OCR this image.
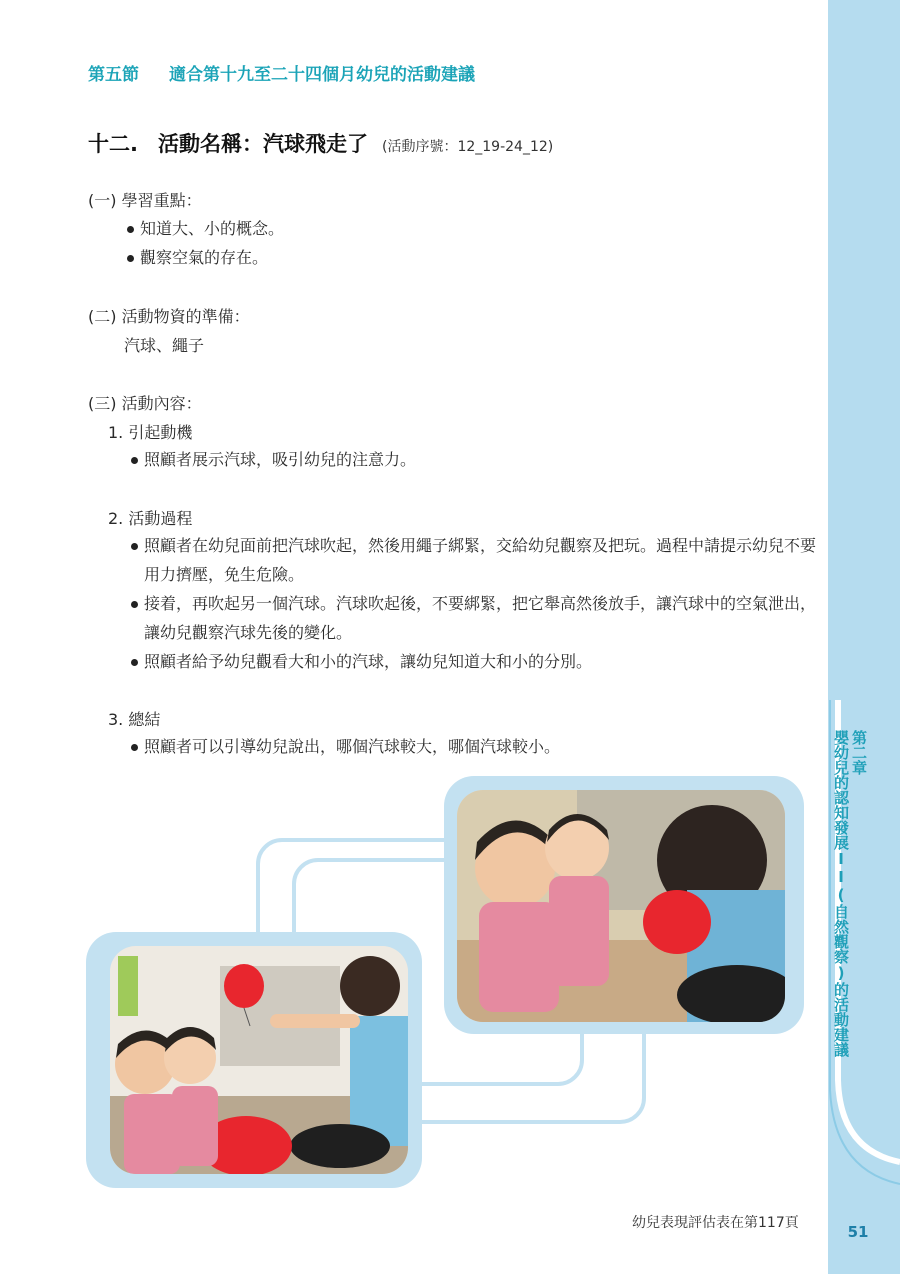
第五節 適合第十九至二十四個月幼兒的活動建議
十二. 活動名稱：汽球飛走了 (活動序號：12_19-24_12)
(一) 學習重點：
知道大、小的概念。
觀察空氣的存在。
(二) 活動物資的準備：
汽球、繩子
(三) 活動內容：
1. 引起動機
照顧者展示汽球，吸引幼兒的注意力。
2. 活動過程
照顧者在幼兒面前把汽球吹起，然後用繩子綁緊，交給幼兒觀察及把玩。過程中請提示幼兒不要用力擠壓，免生危險。
接着，再吹起另一個汽球。汽球吹起後，不要綁緊，把它舉高然後放手，讓汽球中的空氣泄出，讓幼兒觀察汽球先後的變化。
照顧者給予幼兒觀看大和小的汽球，讓幼兒知道大和小的分別。
3. 總結
照顧者可以引導幼兒說出，哪個汽球較大，哪個汽球較小。	第二章
嬰幼兒的認知發展II(自然觀察)的活動建議
幼兒表現評估表在第117頁	51
